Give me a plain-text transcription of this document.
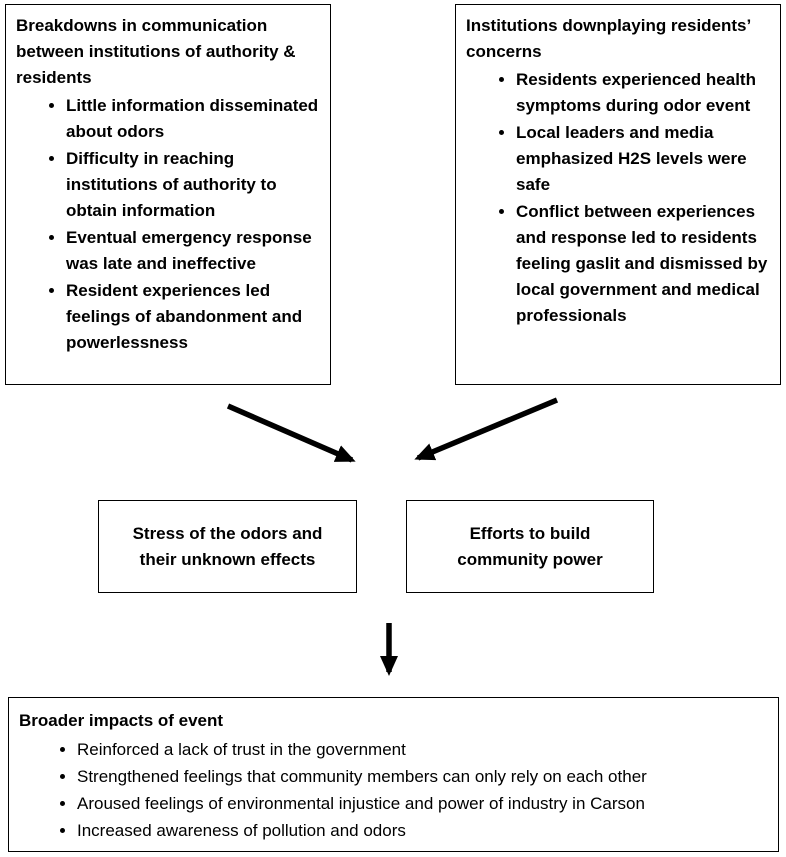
Breakdowns in communication between institutions of authority & residents
• Little information disseminated about odors
• Difficulty in reaching institutions of authority to obtain information
• Eventual emergency response was late and ineffective
• Resident experiences led feelings of abandonment and powerlessness
Institutions downplaying residents’ concerns
• Residents experienced health symptoms during odor event
• Local leaders and media emphasized H2S levels were safe
• Conflict between experiences and response led to residents feeling gaslit and dismissed by local government and medical professionals
Stress of the odors and their unknown effects
Efforts to build community power
Broader impacts of event
• Reinforced a lack of trust in the government
• Strengthened feelings that community members can only rely on each other
• Aroused feelings of environmental injustice and power of industry in Carson
• Increased awareness of pollution and odors
